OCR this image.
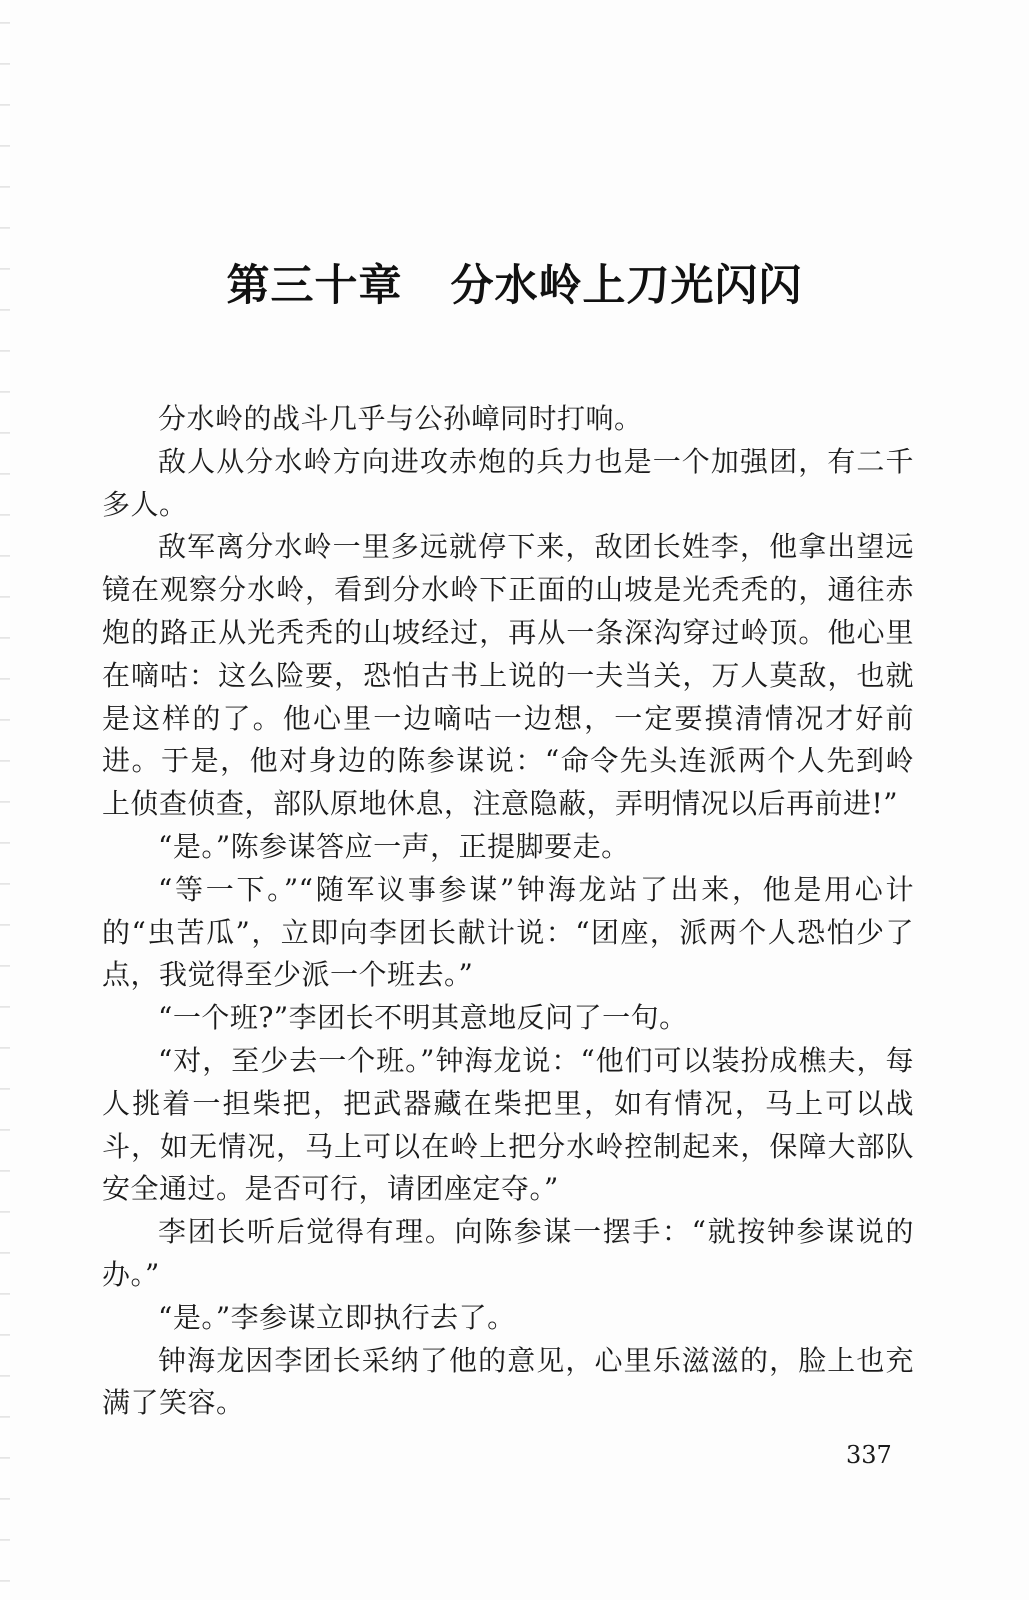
第三十章 分水岭上刀光闪闪

分水岭的战斗几乎与公孙嶂同时打响。

敌人从分水岭方向进攻赤炮的兵力也是一个加强团，有二千多人。

敌军离分水岭一里多远就停下来，敌团长姓李，他拿出望远镜在观察分水岭，看到分水岭下正面的山坡是光秃秃的，通往赤炮的路正从光秃秃的山坡经过，再从一条深沟穿过岭顶。他心里在嘀咕：这么险要，恐怕古书上说的一夫当关，万人莫敌，也就是这样的了。他心里一边嘀咕一边想，一定要摸清情况才好前进。于是，他对身边的陈参谋说：“命令先头连派两个人先到岭上侦查侦查，部队原地休息，注意隐蔽，弄明情况以后再前进!”

“是。”陈参谋答应一声，正提脚要走。

“等一下。”“随军议事参谋”钟海龙站了出来，他是用心计的“虫苦瓜”，立即向李团长献计说：“团座，派两个人恐怕少了点，我觉得至少派一个班去。”

“一个班?”李团长不明其意地反问了一句。

“对，至少去一个班。”钟海龙说：“他们可以装扮成樵夫，每人挑着一担柴把，把武器藏在柴把里，如有情况，马上可以战斗，如无情况，马上可以在岭上把分水岭控制起来，保障大部队安全通过。是否可行，请团座定夺。”

李团长听后觉得有理。向陈参谋一摆手：“就按钟参谋说的办。”

“是。”李参谋立即执行去了。

钟海龙因李团长采纳了他的意见，心里乐滋滋的，脸上也充满了笑容。

337
